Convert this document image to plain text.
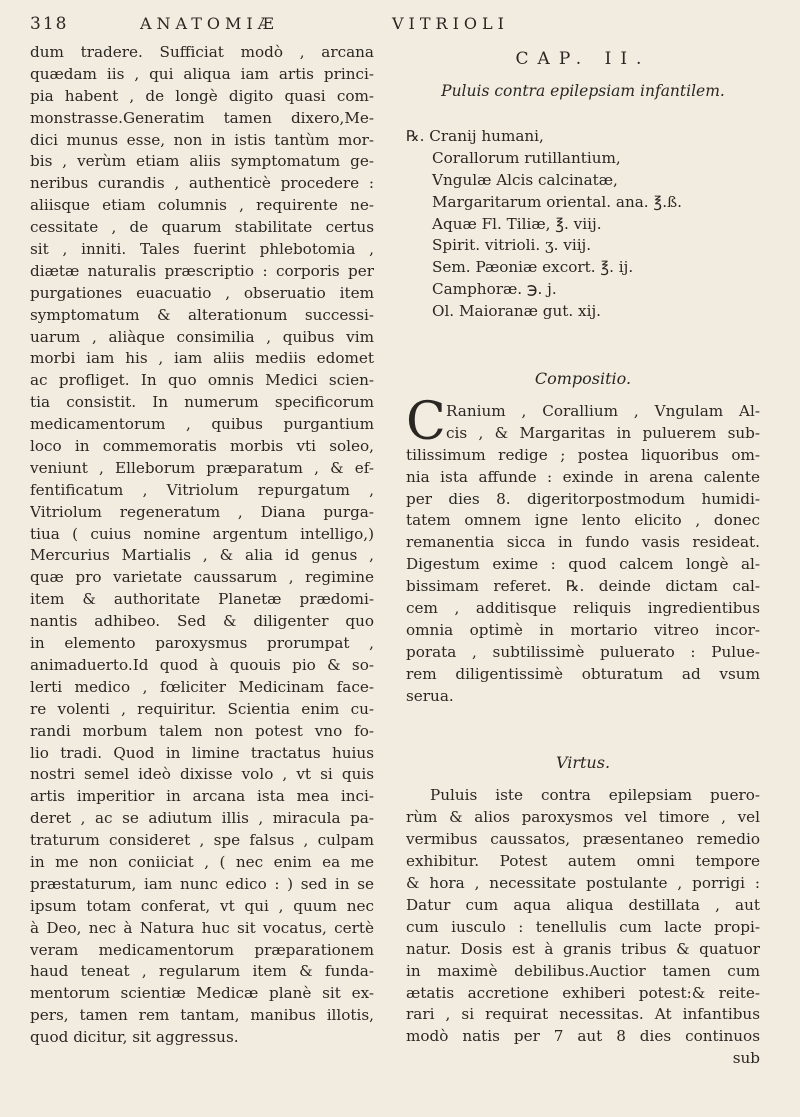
318	ANATOMIÆ	VITRIOLI
dum tradere. Sufficiat modò , arcana
quædam iis , qui aliqua iam artis princi-
pia habent , de longè digito quasi com-
monstrasse.Generatim tamen dixero,Me-
dici munus esse, non in istis tantùm mor-
bis , verùm etiam aliis symptomatum ge-
neribus curandis , authenticè procedere :
aliisque etiam columnis , requirente ne-
cessitate , de quarum stabilitate certus
sit , inniti. Tales fuerint phlebotomia ,
diætæ naturalis præscriptio : corporis per
purgationes euacuatio , obseruatio item
symptomatum & alterationum successi-
uarum , aliàque consimilia , quibus vim
morbi iam his , iam aliis mediis edomet
ac profliget. In quo omnis Medici scien-
tia consistit. In numerum specificorum
medicamentorum , quibus purgantium
loco in commemoratis morbis vti soleo,
veniunt , Elleborum præparatum , & ef-
fentificatum , Vitriolum repurgatum ,
Vitriolum regeneratum , Diana purga-
tiua ( cuius nomine argentum intelligo,)
Mercurius Martialis , & alia id genus ,
quæ pro varietate caussarum , regimine
item & authoritate Planetæ prædomi-
nantis adhibeo. Sed & diligenter quo
in elemento paroxysmus prorumpat ,
animaduerto.Id quod à quouis pio & so-
lerti medico , fœliciter Medicinam face-
re volenti , requiritur. Scientia enim cu-
randi morbum talem non potest vno fo-
lio tradi. Quod in limine tractatus huius
nostri semel ideò dixisse volo , vt si quis
artis imperitior in arcana ista mea inci-
deret , ac se adiutum illis , miracula pa-
traturum consideret , spe falsus , culpam
in me non coniiciat , ( nec enim ea me
præstaturum, iam nunc edico : ) sed in se
ipsum totam conferat, vt qui , quum nec
à Deo, nec à Natura huc sit vocatus, certè
veram medicamentorum præparationem
haud teneat , regularum item & funda-
mentorum scientiæ Medicæ planè sit ex-
pers, tamen rem tantam, manibus illotis,
quod dicitur, sit aggressus.
CAP. II.
Puluis contra epilepsiam infantilem.
℞. Cranij humani,
Corallorum rutillantium,
Vngulæ Alcis calcinatæ,
Margaritarum oriental. ana. ℥.ß.
Aquæ Fl. Tiliæ, ℥. viij.
Spirit. vitrioli. ʒ. viij.
Sem. Pæoniæ excort. ℥. ij.
Camphoræ. ℈. j.
Ol. Maioranæ gut. xij.
Compositio.
C Ranium , Corallium , Vngulam Al-
cis , & Margaritas in puluerem sub-
tilissimum redige ; postea liquoribus om-
nia ista affunde : exinde in arena calente
per dies 8. digeritorpostmodum humidi-
tatem omnem igne lento elicito , donec
remanentia sicca in fundo vasis resideat.
Digestum exime : quod calcem longè al-
bissimam referet. ℞. deinde dictam cal-
cem , additisque reliquis ingredientibus
omnia optimè in mortario vitreo incor-
porata , subtilissimè puluerato : Pulue-
rem diligentissimè obturatum ad vsum
serua.
Virtus.
Puluis iste contra epilepsiam puero-
rùm & alios paroxysmos vel timore , vel
vermibus caussatos, præsentaneo remedio
exhibitur. Potest autem omni tempore
& hora , necessitate postulante , porrigi :
Datur cum aqua aliqua destillata , aut
cum iusculo : tenellulis cum lacte propi-
natur. Dosis est à granis tribus & quatuor
in maximè debilibus.Auctior tamen cum
ætatis accretione exhiberi potest:& reite-
rari , si requirat necessitas. At infantibus
modò natis per 7 aut 8 dies continuos
sub
